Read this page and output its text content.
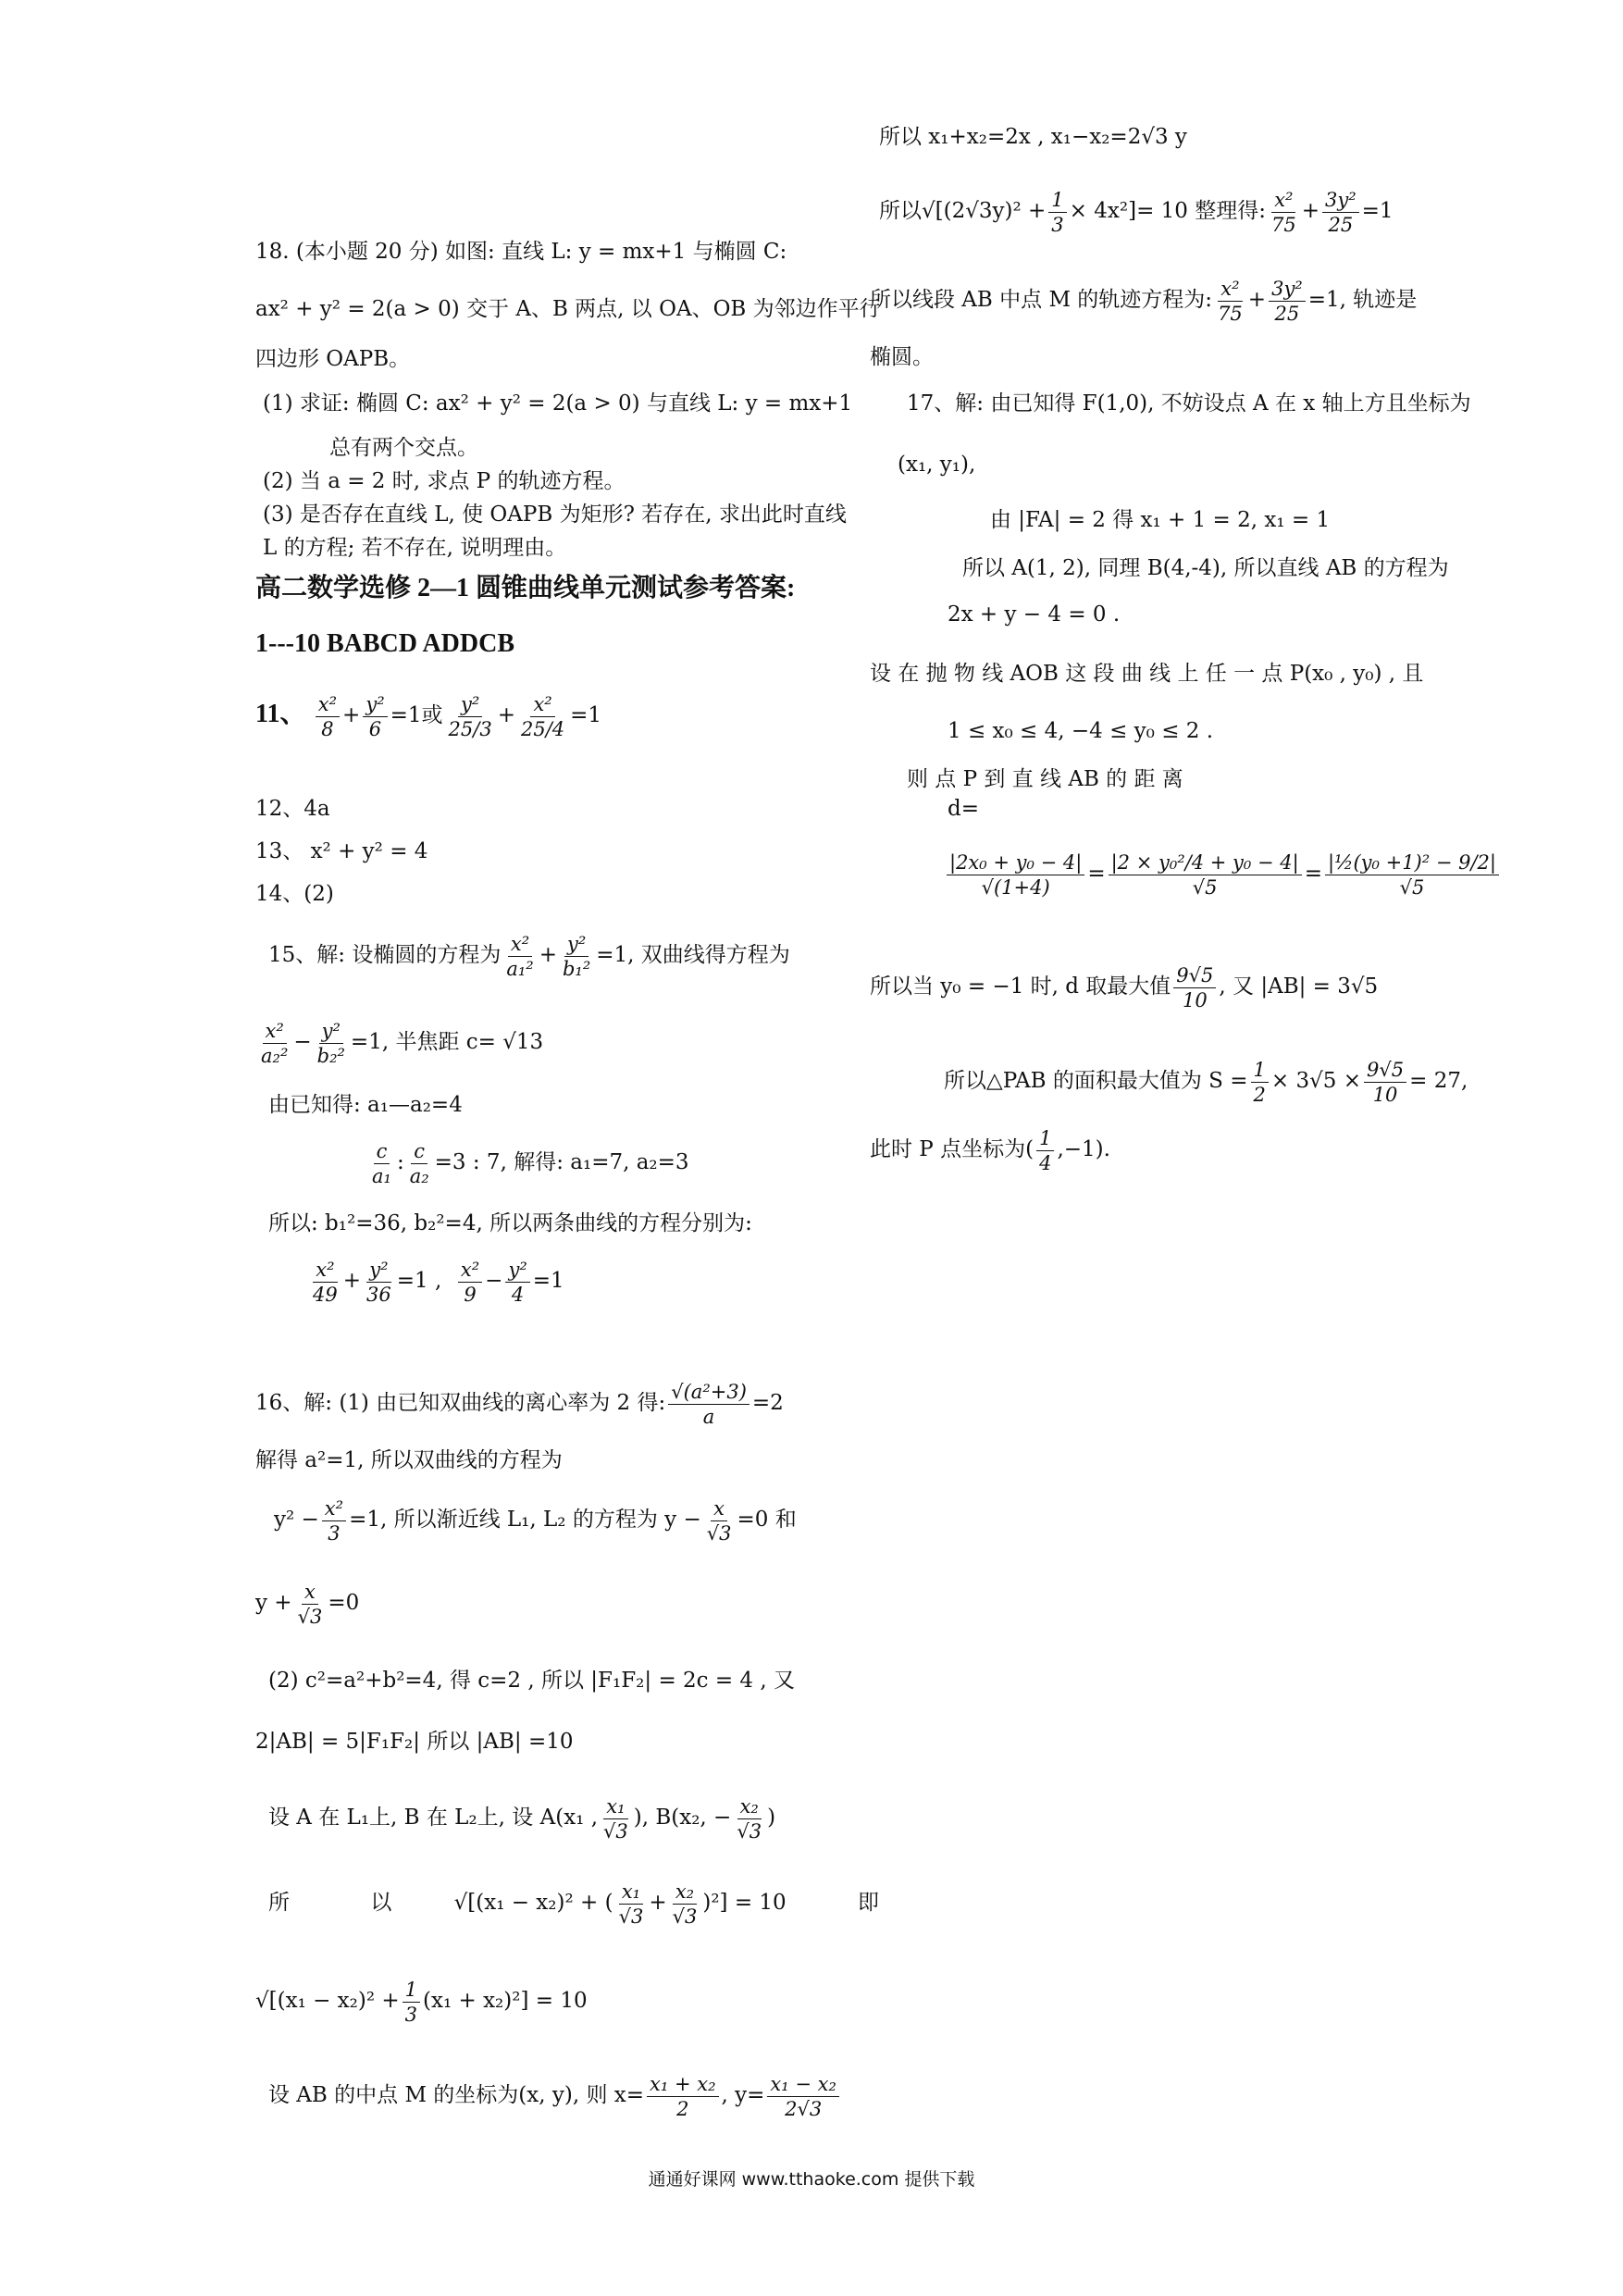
18. (本小题 20 分) 如图: 直线 L: y = mx+1 与椭圆 C:
ax² + y² = 2(a > 0) 交于 A、B 两点, 以 OA、OB 为邻边作平行
四边形 OAPB。
(1) 求证: 椭圆 C: ax² + y² = 2(a > 0) 与直线 L: y = mx+1
总有两个交点。
(2) 当 a = 2 时, 求点 P 的轨迹方程。
(3) 是否存在直线 L, 使 OAPB 为矩形? 若存在, 求出此时直线
L 的方程; 若不存在, 说明理由。
高二数学选修 2—1 圆锥曲线单元测试参考答案:
1---10 BABCD ADDCB
11、 $\frac{\text{x²}}{8} + \frac{\text{y²}}{6} =1$或 $\frac{\text{y²}}{25/3} + \frac{\text{x²}}{25/4} =1$
12、4a
13、 x² + y² = 4
14、(2)
15、解: 设椭圆的方程为 $\frac{\text{x²}}{\text{a₁²}} + \frac{\text{y²}}{\text{b₁²}} =1$, 双曲线得方程为
$\frac{\text{x²}}{\text{a₂²}} - \frac{\text{y²}}{\text{b₂²}} =1$, 半焦距 c= √13
由已知得: a₁—a₂=4
$\frac{c}{\text{a₁}}$ : $\frac{c}{\text{a₂}} =3$ : 7, 解得: a₁=7, a₂=3
所以: b₁²=36, b₂²=4, 所以两条曲线的方程分别为:
$\frac{\text{x²}}{49} + \frac{\text{y²}}{36} =1$ , $\frac{\text{x²}}{9} - \frac{\text{y²}}{4} =1$
16、解: (1) 由已知双曲线的离心率为 2 得: $\frac{\text{√(a²+3)}}{a} =2$
解得 a²=1, 所以双曲线的方程为
$y^2 - \frac{\text{x²}}{3} =1$, 所以渐近线 L₁, L₂ 的方程为 $y - \frac{x}{√3} =0$ 和
$y + \frac{x}{√3} =0$
(2) c²=a²+b²=4, 得 c=2 , 所以 |F₁F₂| = 2c = 4 , 又
2|AB| = 5|F₁F₂| 所以 |AB| =10
设 A 在 L₁上, B 在 L₂上, 设 A(x₁ , $\frac{\text{x₁}}{√3}$ ), B(x₂, − $\frac{\text{x₂}}{√3}$ )
所	以	√[(x₁ − x₂)² + ( $\frac{\text{x₁}}{√3} + \frac{\text{x₂}}{√3} )^2] = 10$	即
$√[(x_1 - x_2)^2 + \frac{1}{3} (x_1 + x_2)^2] = 10$
设 AB 的中点 M 的坐标为(x, y), 则 $x= \frac{\text{x₁ + x₂}}{2}$ , $y= \frac{\text{x₁ − x₂}}{2√3}$
所以 x₁+x₂=2x , x₁−x₂=2√3 y
所以$√[(2√3y)^2 + \frac{1}{3} \times 4x^2]= 10$ 整理得: $\frac{\text{x²}}{75} + \frac{\text{3y²}}{25} =1$
所以线段 AB 中点 M 的轨迹方程为: $\frac{\text{x²}}{75} + \frac{\text{3y²}}{25} =1$, 轨迹是
椭圆。
17、解: 由已知得 F(1,0), 不妨设点 A 在 x 轴上方且坐标为
(x₁, y₁),
由 |FA| = 2 得 x₁ + 1 = 2, x₁ = 1
所以 A(1, 2), 同理 B(4,-4), 所以直线 AB 的方程为
2x + y − 4 = 0 .
设 在 抛 物 线 AOB 这 段 曲 线 上 任 一 点 P(x₀ , y₀) , 且
1 ≤ x₀ ≤ 4, −4 ≤ y₀ ≤ 2 .
则 点 P 到 直 线 AB 的 距 离
d=
$\frac{\text{|2x₀ + y₀ − 4|}}{√(1+4)} = \frac{\text{|2 × y₀²/4 + y₀ − 4|}}{√5} = \frac{\text{|½(y₀ +1)² − 9/2|}}{√5}$
所以当 y₀ = −1 时, d 取最大值 $\frac{9√5}{10}$ , 又 |AB| = 3√5
所以△PAB 的面积最大值为 $S = \frac{1}{2} \times 3√5 \times \frac{9√5}{10} = 27$,
此时 P 点坐标为( $\frac{1}{4} ,-1$).
通通好课网 www.tthaoke.com 提供下载
